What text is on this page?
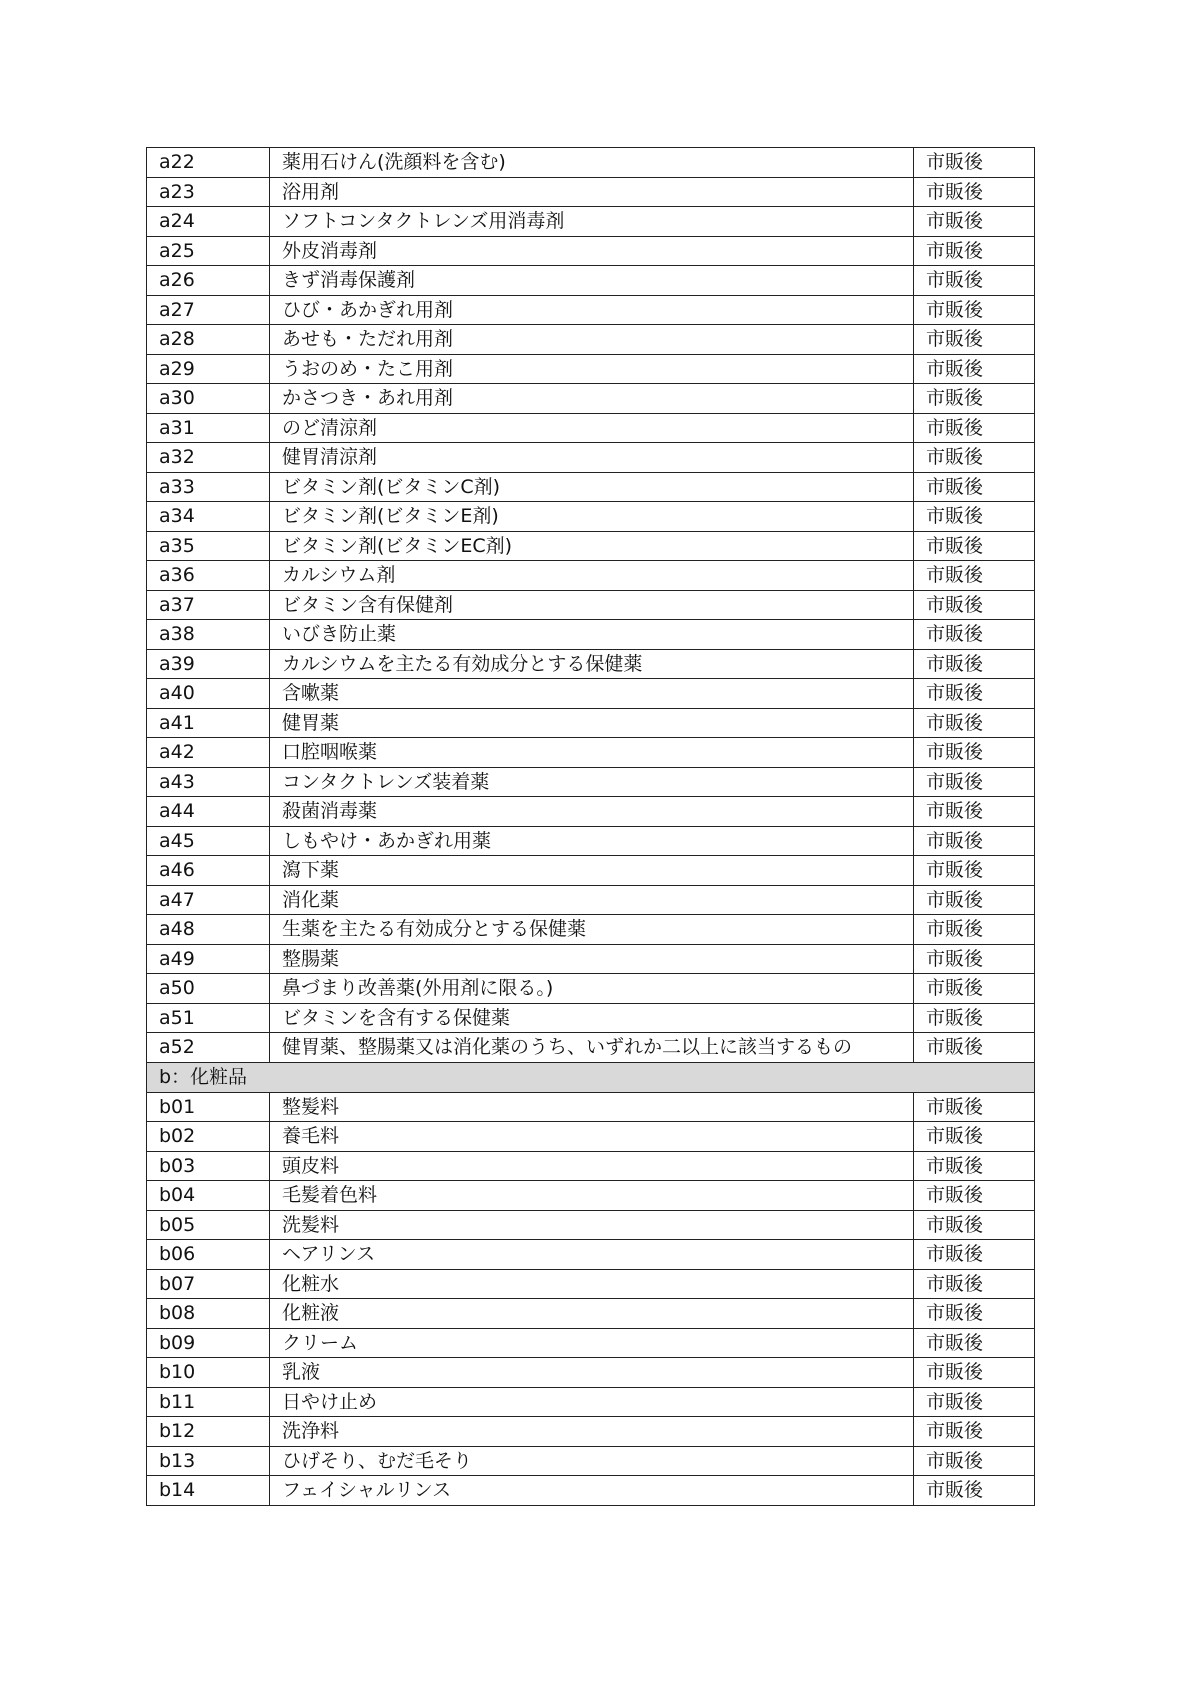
a22	薬用石けん(洗顔料を含む)	市販後
a23	浴用剤	市販後
a24	ソフトコンタクトレンズ用消毒剤	市販後
a25	外皮消毒剤	市販後
a26	きず消毒保護剤	市販後
a27	ひび・あかぎれ用剤	市販後
a28	あせも・ただれ用剤	市販後
a29	うおのめ・たこ用剤	市販後
a30	かさつき・あれ用剤	市販後
a31	のど清涼剤	市販後
a32	健胃清涼剤	市販後
a33	ビタミン剤(ビタミンC剤)	市販後
a34	ビタミン剤(ビタミンE剤)	市販後
a35	ビタミン剤(ビタミンEC剤)	市販後
a36	カルシウム剤	市販後
a37	ビタミン含有保健剤	市販後
a38	いびき防止薬	市販後
a39	カルシウムを主たる有効成分とする保健薬	市販後
a40	含嗽薬	市販後
a41	健胃薬	市販後
a42	口腔咽喉薬	市販後
a43	コンタクトレンズ装着薬	市販後
a44	殺菌消毒薬	市販後
a45	しもやけ・あかぎれ用薬	市販後
a46	瀉下薬	市販後
a47	消化薬	市販後
a48	生薬を主たる有効成分とする保健薬	市販後
a49	整腸薬	市販後
a50	鼻づまり改善薬(外用剤に限る。)	市販後
a51	ビタミンを含有する保健薬	市販後
a52	健胃薬、整腸薬又は消化薬のうち、いずれか二以上に該当するもの	市販後
b：化粧品		
b01	整髪料	市販後
b02	養毛料	市販後
b03	頭皮料	市販後
b04	毛髪着色料	市販後
b05	洗髪料	市販後
b06	ヘアリンス	市販後
b07	化粧水	市販後
b08	化粧液	市販後
b09	クリーム	市販後
b10	乳液	市販後
b11	日やけ止め	市販後
b12	洗浄料	市販後
b13	ひげそり、むだ毛そり	市販後
b14	フェイシャルリンス	市販後
